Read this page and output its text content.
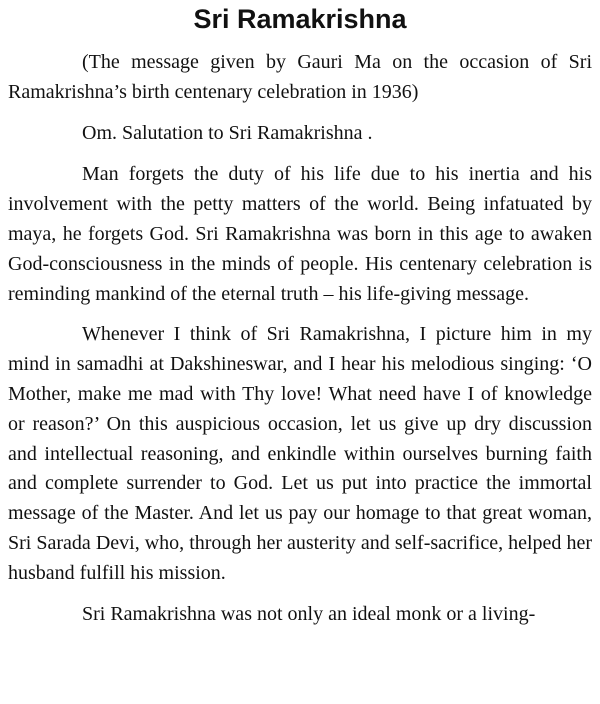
Sri Ramakrishna

(The message given by Gauri Ma on the occasion of Sri Ramakrishna’s birth centenary celebration in 1936)

Om. Salutation to Sri Ramakrishna .

Man forgets the duty of his life due to his inertia and his involvement with the petty matters of the world. Being infatuated by maya, he forgets God. Sri Ramakrishna was born in this age to awaken God-consciousness in the minds of people. His centenary celebration is reminding mankind of the eternal truth – his life-giving message.

Whenever I think of Sri Ramakrishna, I picture him in my mind in samadhi at Dakshineswar, and I hear his melodious singing: ‘O Mother, make me mad with Thy love! What need have I of knowledge or reason?’ On this auspicious occasion, let us give up dry discussion and intellectual reasoning, and enkindle within ourselves burning faith and complete surrender to God. Let us put into practice the immortal message of the Master. And let us pay our homage to that great woman, Sri Sarada Devi, who, through her austerity and self-sacrifice, helped her husband fulfill his mission.

Sri Ramakrishna was not only an ideal monk or a living-
